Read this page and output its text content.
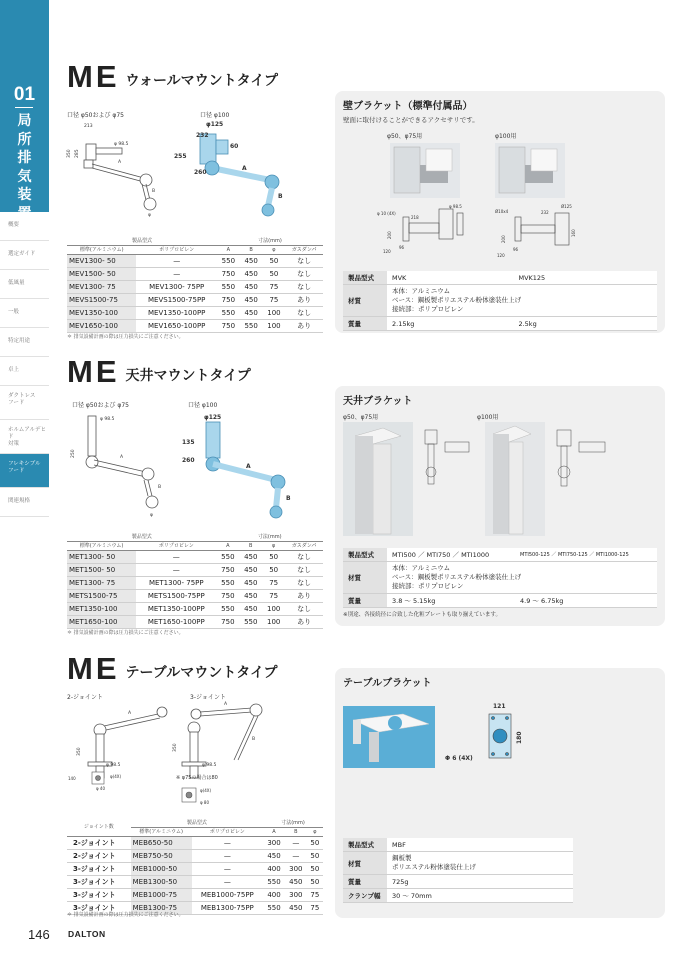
01
局
所
排
気
装
置
概要
選定ガイド
低風量
一般
特定用途
卓上
ダクトレス
フード
ホルムアルデヒド
対策
フレキシブル
フード
関連規格
ME ウォールマウントタイプ
口径 φ50および φ75	口径 φ100
213
φ 98.5
A
B
φ
350 285
φ125
232
60
260
255
A
B
製品型式		寸法(mm)			
標準(アルミニウム)	ポリプロピレン	A	B	φ	ガスダンパ
MEV1300- 50	—	550	450	50	なし
MEV1500- 50	—	750	450	50	なし
MEV1300- 75	MEV1300- 75PP	550	450	75	なし
MEVS1500-75	MEVS1500-75PP	750	450	75	あり
MEV1350-100	MEV1350-100PP	550	450	100	なし
MEV1650-100	MEV1650-100PP	750	550	100	あり
＊ 排気設備計画の際は圧力損失にご注意ください。
壁ブラケット（標準付属品）
壁面に取付けることができるアクセサリです。
φ50、φ75用	φ100用
φ 98.5
φ 10 (4X)
218
120
96
200
Ø125
Ø10x4	232
120
96
200
160
製品型式	MVK	MVK125
材質	本体：アルミニウム
ベース：鋼板製ポリエステル粉体塗装仕上げ
接続部：ポリプロピレン	
質量	2.15kg	2.5kg
ME 天井マウントタイプ
口径 φ50および φ75	口径 φ100
φ 98.5
250	A
B
φ
φ125
135
260
A
B
製品型式		寸法(mm)			
標準(アルミニウム)	ポリプロピレン	A	B	φ	ガスダンパ
MET1300- 50	—	550	450	50	なし
MET1500- 50	—	750	450	50	なし
MET1300- 75	MET1300- 75PP	550	450	75	なし
METS1500-75	METS1500-75PP	750	450	75	あり
MET1350-100	MET1350-100PP	550	450	100	なし
MET1650-100	MET1650-100PP	750	550	100	あり
＊ 排気設備計画の際は圧力損失にご注意ください。
天井ブラケット
φ50、φ75用	φ100用
製品型式	MTI500 ／ MTI750 ／ MTI1000	MTI500-125 ／ MTI750-125 ／ MTI1000-125
材質	本体：アルミニウム
ベース：鋼板製ポリエステル粉体塗装仕上げ
接続部：ポリプロピレン	
質量	3.8 ～ 5.15kg	4.9 ～ 6.75kg
※別途、各接続径に合致した化粧プレートも取り揃えています。
ME テーブルマウントタイプ
2-ジョイント	3-ジョイント
A
350
φ 98.5
φ(4X)
140
φ 40
A
B
350
φ 98.5
φ(4X)
φ 80
※ φ75の場合は80
ジョイント数	製品型式		寸法(mm)		
	標準(アルミニウム)	ポリプロピレン	A	B	φ
2-ジョイント	MEB650-50	—	300	—	50
2-ジョイント	MEB750-50	—	450	—	50
3-ジョイント	MEB1000-50	—	400	300	50
3-ジョイント	MEB1300-50	—	550	450	50
3-ジョイント	MEB1000-75	MEB1000-75PP	400	300	75
3-ジョイント	MEB1300-75	MEB1300-75PP	550	450	75
＊ 排気設備計画の際は圧力損失にご注意ください。
テーブルブラケット
121
180
Φ 6 (4X)
製品型式	MBF
材質	鋼板製
ポリエステル粉体塗装仕上げ
質量	725g
クランプ幅	30 ～ 70mm
146 DALTON
